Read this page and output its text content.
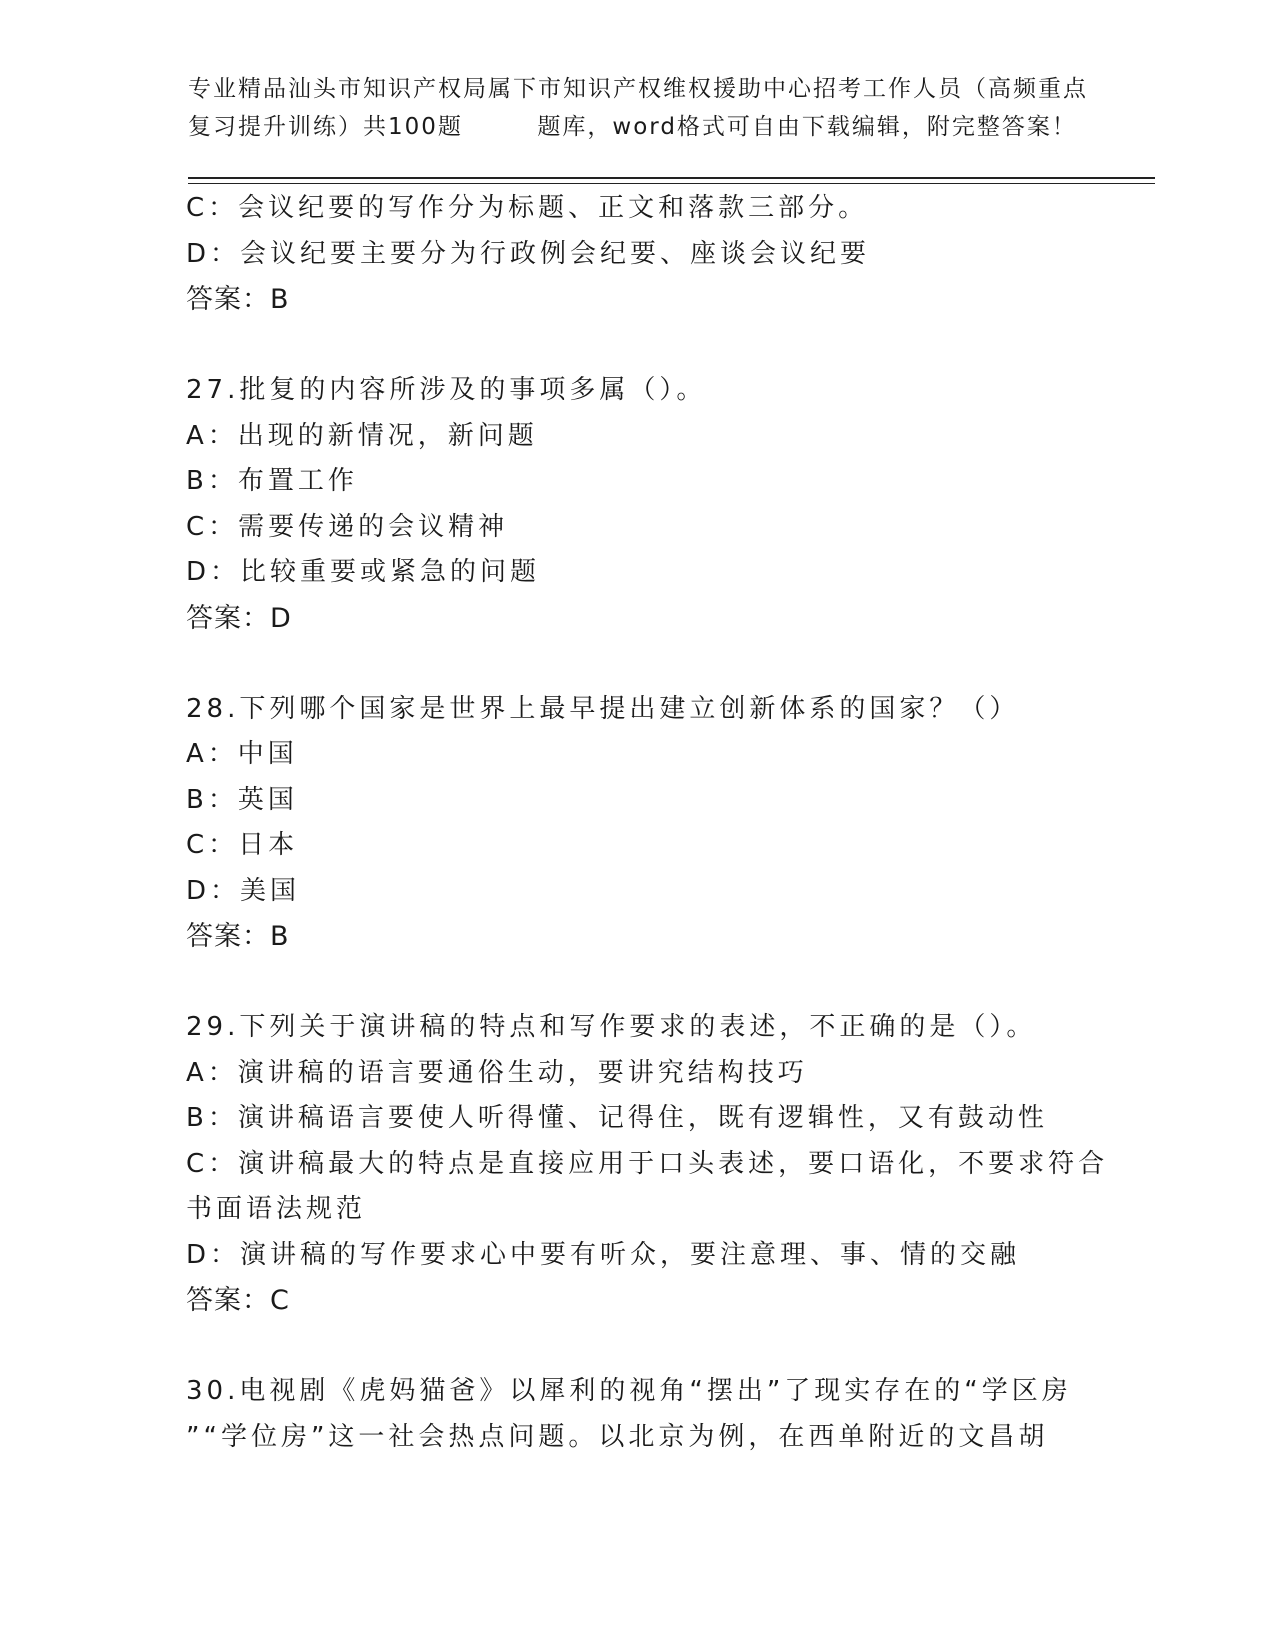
专业精品汕头市知识产权局属下市知识产权维权援助中心招考工作人员（高频重点
复习提升训练）共100题        题库，word格式可自由下载编辑，附完整答案！
C：会议纪要的写作分为标题、正文和落款三部分。
D：会议纪要主要分为行政例会纪要、座谈会议纪要
答案：B
27.批复的内容所涉及的事项多属（）。
A：出现的新情况，新问题
B：布置工作
C：需要传递的会议精神
D：比较重要或紧急的问题
答案：D
28.下列哪个国家是世界上最早提出建立创新体系的国家？（）
A：中国
B：英国
C：日本
D：美国
答案：B
29.下列关于演讲稿的特点和写作要求的表述，不正确的是（）。
A：演讲稿的语言要通俗生动，要讲究结构技巧
B：演讲稿语言要使人听得懂、记得住，既有逻辑性，又有鼓动性
C：演讲稿最大的特点是直接应用于口头表述，要口语化，不要求符合
书面语法规范
D：演讲稿的写作要求心中要有听众，要注意理、事、情的交融
答案：C
30.电视剧《虎妈猫爸》以犀利的视角“摆出”了现实存在的“学区房
”“学位房”这一社会热点问题。以北京为例，在西单附近的文昌胡
